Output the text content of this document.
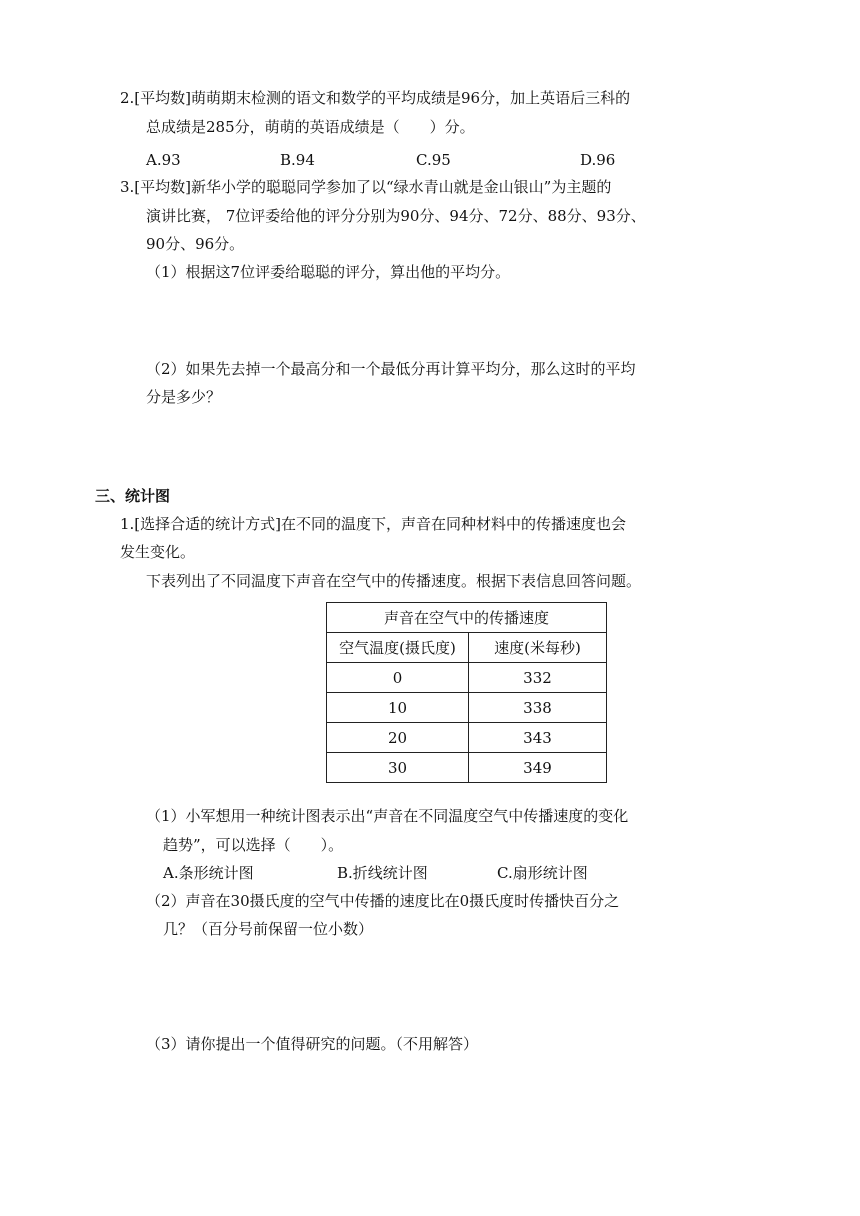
2.[平均数]萌萌期末检测的语文和数学的平均成绩是96分，加上英语后三科的
总成绩是285分，萌萌的英语成绩是（　　）分。
A.93	B.94	C.95	D.96
3.[平均数]新华小学的聪聪同学参加了以“绿水青山就是金山银山”为主题的
演讲比赛， 7位评委给他的评分分别为90分、94分、72分、88分、93分、
90分、96分。
（1）根据这7位评委给聪聪的评分，算出他的平均分。
（2）如果先去掉一个最高分和一个最低分再计算平均分，那么这时的平均
分是多少？
三、统计图
1.[选择合适的统计方式]在不同的温度下，声音在同种材料中的传播速度也会
发生变化。
下表列出了不同温度下声音在空气中的传播速度。根据下表信息回答问题。
声音在空气中的传播速度	
空气温度(摄氏度)	速度(米每秒)
0	332
10	338
20	343
30	349
（1）小军想用一种统计图表示出“声音在不同温度空气中传播速度的变化
趋势”，可以选择（　　）。
A.条形统计图	B.折线统计图	C.扇形统计图
（2）声音在30摄氏度的空气中传播的速度比在0摄氏度时传播快百分之
几？（百分号前保留一位小数）
（3）请你提出一个值得研究的问题。（不用解答）
